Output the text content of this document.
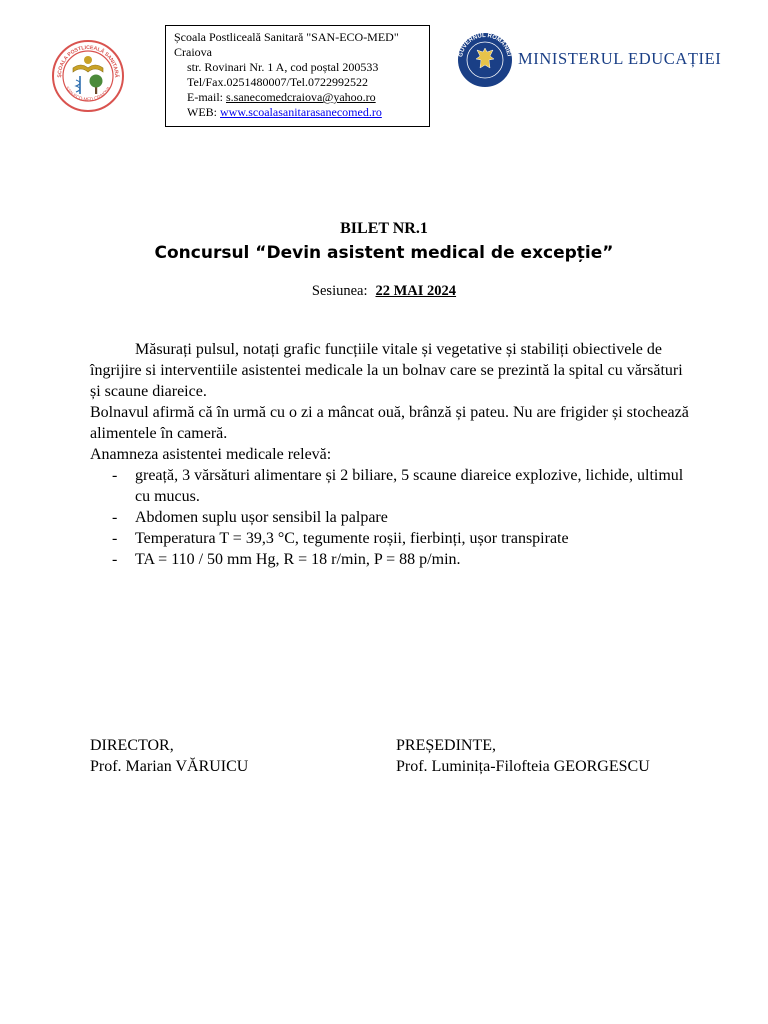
ȘCOALA POSTLICEALĂ SANITARĂ
SAN-ECO-MED CRAIOVA
Școala Postliceală Sanitară "SAN-ECO-MED"
Craiova
str. Rovinari Nr. 1 A, cod poștal 200533
Tel/Fax.0251480007/Tel.0722992522
E-mail: s.sanecomedcraiova@yahoo.ro
WEB: www.scoalasanitarasanecomed.ro
GUVERNUL ROMÂNIEI MINISTERUL EDUCAȚIEI
BILET NR.1
Concursul “Devin asistent medical de excepție”
Sesiunea: 22 MAI 2024

Măsurați pulsul, notați grafic funcțiile vitale și vegetative și stabiliți obiectivele de îngrijire si interventiile asistentei medicale la un bolnav care se prezintă la spital cu vărsături și scaune diareice.

Bolnavul afirmă că în urmă cu o zi a mâncat ouă, brânză și pateu. Nu are frigider și stochează alimentele în cameră.

Anamneza asistentei medicale relevă:

- greață, 3 vărsături alimentare și 2 biliare, 5 scaune diareice explozive, lichide, ultimul cu mucus.
- Abdomen suplu ușor sensibil la palpare
- Temperatura T = 39,3 °C, tegumente roșii, fierbinți, ușor transpirate
- TA = 110 / 50 mm Hg, R = 18 r/min, P = 88 p/min.
DIRECTOR,
Prof. Marian VĂRUICU
PREȘEDINTE,
Prof. Luminița-Filofteia GEORGESCU
